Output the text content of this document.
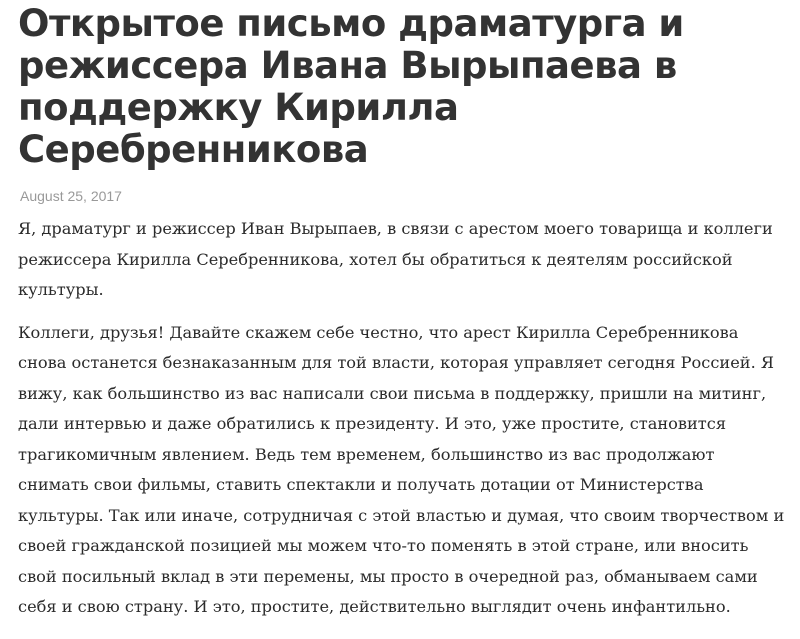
Открытое письмо драматурга и режиссера Ивана Вырыпаева в поддержку Кирилла Серебренникова
August 25, 2017

Я, драматург и режиссер Иван Вырыпаев, в связи с арестом моего товарища и коллеги режиссера Кирилла Серебренникова, хотел бы обратиться к деятелям российской культуры.

Коллеги, друзья! Давайте скажем себе честно, что арест Кирилла Серебренникова снова останется безнаказанным для той власти, которая управляет сегодня Россией. Я вижу, как большинство из вас написали свои письма в поддержку, пришли на митинг, дали интервью и даже обратились к президенту. И это, уже простите, становится трагикомичным явлением. Ведь тем временем, большинство из вас продолжают снимать свои фильмы, ставить спектакли и получать дотации от Министерства культуры. Так или иначе, сотрудничая с этой властью и думая, что своим творчеством и своей гражданской позицией мы можем что-то поменять в этой стране, или вносить свой посильный вклад в эти перемены, мы просто в очередной раз, обманываем сами себя и свою страну. И это, простите, действительно выглядит очень инфантильно.
